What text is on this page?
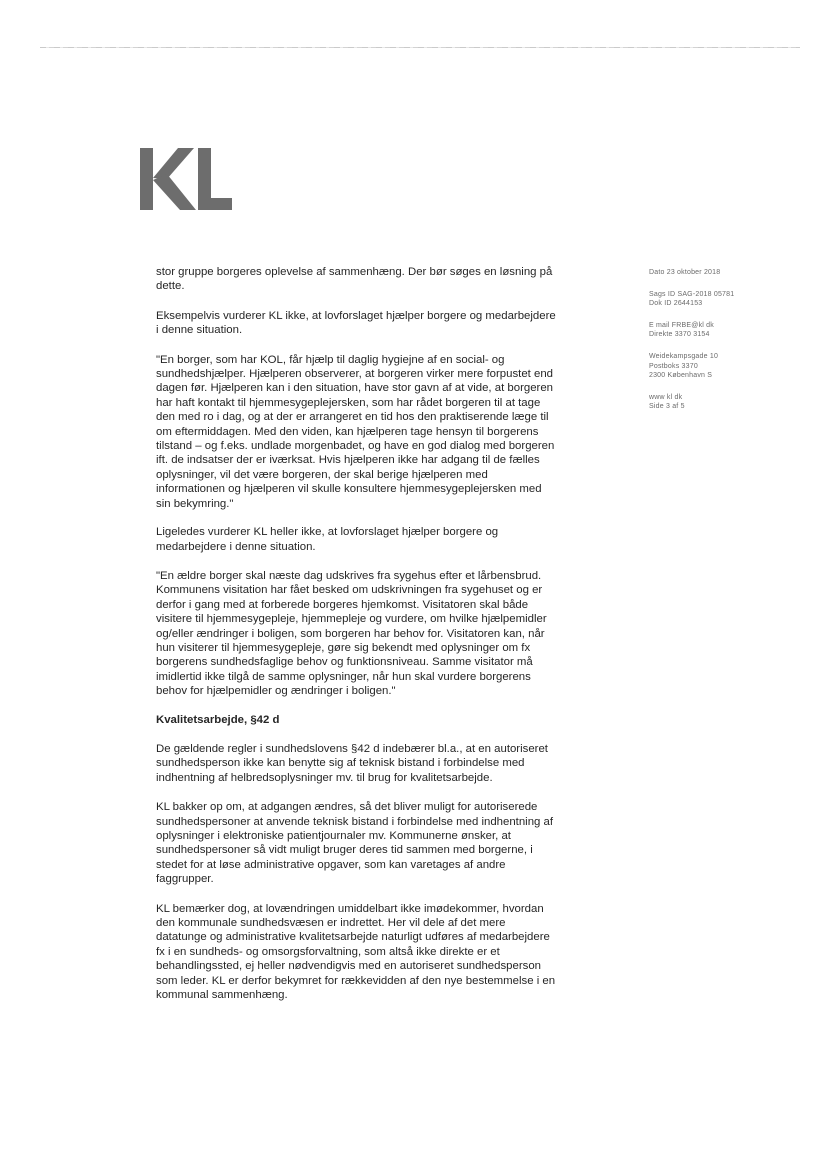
stor gruppe borgeres oplevelse af sammenhæng. Der bør søges en løsning på dette.

Eksempelvis vurderer KL ikke, at lovforslaget hjælper borgere og medarbejdere i denne situation.

"En borger, som har KOL, får hjælp til daglig hygiejne af en social- og sundhedshjælper. Hjælperen observerer, at borgeren virker mere forpustet end dagen før. Hjælperen kan i den situation, have stor gavn af at vide, at borgeren har haft kontakt til hjemmesygeplejersken, som har rådet borgeren til at tage den med ro i dag, og at der er arrangeret en tid hos den praktiserende læge til om eftermiddagen. Med den viden, kan hjælperen tage hensyn til borgerens tilstand – og f.eks. undlade morgenbadet, og have en god dialog med borgeren ift. de indsatser der er iværksat. Hvis hjælperen ikke har adgang til de fælles oplysninger, vil det være borgeren, der skal berige hjælperen med informationen og hjælperen vil skulle konsultere hjemmesygeplejersken med sin bekymring."

Ligeledes vurderer KL heller ikke, at lovforslaget hjælper borgere og medarbejdere i denne situation.

"En ældre borger skal næste dag udskrives fra sygehus efter et lårbensbrud. Kommunens visitation har fået besked om udskrivningen fra sygehuset og er derfor i gang med at forberede borgeres hjemkomst. Visitatoren skal både visitere til hjemmesygepleje, hjemmepleje og vurdere, om hvilke hjælpemidler og/eller ændringer i boligen, som borgeren har behov for. Visitatoren kan, når hun visiterer til hjemmesygepleje, gøre sig bekendt med oplysninger om fx borgerens sundhedsfaglige behov og funktionsniveau. Samme visitator må imidlertid ikke tilgå de samme oplysninger, når hun skal vurdere borgerens behov for hjælpemidler og ændringer i boligen."

Kvalitetsarbejde, §42 d

De gældende regler i sundhedslovens §42 d indebærer bl.a., at en autoriseret sundhedsperson ikke kan benytte sig af teknisk bistand i forbindelse med indhentning af helbredsoplysninger mv. til brug for kvalitetsarbejde.

KL bakker op om, at adgangen ændres, så det bliver muligt for autoriserede sundhedspersoner at anvende teknisk bistand i forbindelse med indhentning af oplysninger i elektroniske patientjournaler mv. Kommunerne ønsker, at sundhedspersoner så vidt muligt bruger deres tid sammen med borgerne, i stedet for at løse administrative opgaver, som kan varetages af andre faggrupper.

KL bemærker dog, at lovændringen umiddelbart ikke imødekommer, hvordan den kommunale sundhedsvæsen er indrettet. Her vil dele af det mere datatunge og administrative kvalitetsarbejde naturligt udføres af medarbejdere fx i en sundheds- og omsorgsforvaltning, som altså ikke direkte er et behandlingssted, ej heller nødvendigvis med en autoriseret sundhedsperson som leder. KL er derfor bekymret for rækkevidden af den nye bestemmelse i en kommunal sammenhæng.

Dato 23 oktober 2018
Sags ID SAG-2018 05781
Dok ID 2644153
E mail FRBE@kl dk
Direkte 3370 3154
Weidekampsgade 10
Postboks 3370
2300 København S
www kl dk
Side 3 af 5
